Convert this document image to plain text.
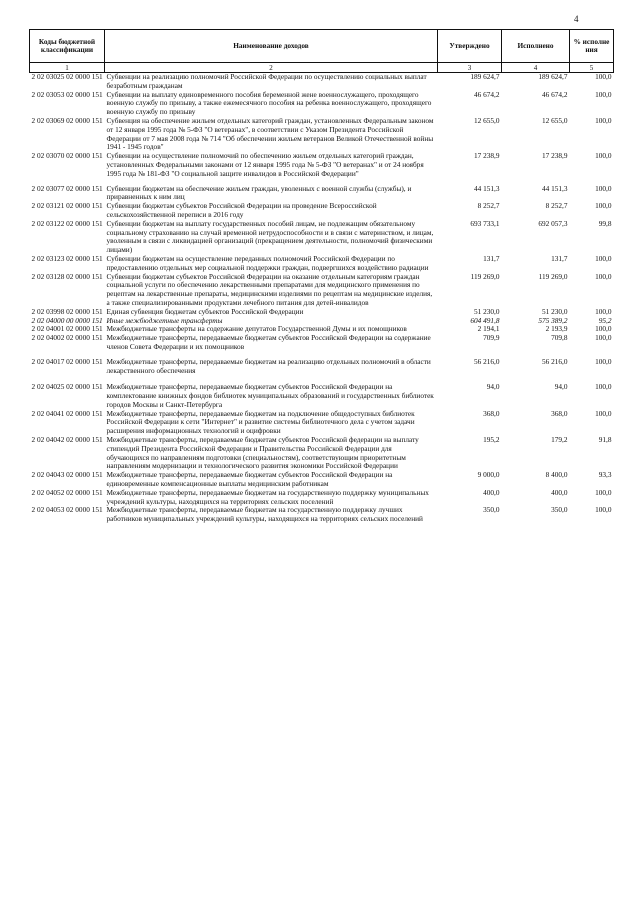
4
Коды бюджетной классификации	Наименование доходов	Утверждено	Исполнено	% исполне ния
1	2	3	4	5
2 02 03025 02 0000 151	Субвенции на реализацию полномочий Российской Федерации по осуществлению социальных выплат безработным гражданам	189 624,7	189 624,7	100,0
2 02 03053 02 0000 151	Субвенции на выплату единовременного пособия беременной жене военнослужащего, проходящего военную службу по призыву, а также ежемесячного пособия на ребенка военнослужащего, проходящего военную службу по призыву	46 674,2	46 674,2	100,0
2 02 03069 02 0000 151	Субвенция на обеспечение жильем отдельных категорий граждан, установленных Федеральным законом от 12 января 1995 года № 5-ФЗ "О ветеранах", в соответствии с Указом Президента Российской Федерации от 7 мая 2008 года № 714 "Об обеспечении жильем ветеранов Великой Отечественной войны 1941 - 1945 годов"	12 655,0	12 655,0	100,0
2 02 03070 02 0000 151	Субвенции на осуществление полномочий по обеспечению жильем отдельных категорий граждан, установленных Федеральными законами от 12 января 1995 года № 5-ФЗ "О ветеранах" и от 24 ноября 1995 года № 181-ФЗ "О социальной защите инвалидов в Российской Федерации"	17 238,9	17 238,9	100,0
2 02 03077 02 0000 151	Субвенции бюджетам на обеспечение жильем граждан, уволенных с военной службы (службы), и приравненных к ним лиц	44 151,3	44 151,3	100,0
2 02 03121 02 0000 151	Субвенции бюджетам субъектов Российской Федерации на проведение Всероссийской сельскохозяйственной переписи в 2016 году	8 252,7	8 252,7	100,0
2 02 03122 02 0000 151	Субвенции бюджетам на выплату государственных пособий лицам, не подлежащим обязательному социальному страхованию на случай временной нетрудоспособности и в связи с материнством, и лицам, уволенным в связи с ликвидацией организаций (прекращением деятельности, полномочий физическими лицами)	693 733,1	692 057,3	99,8
2 02 03123 02 0000 151	Субвенции бюджетам на осуществление переданных полномочий Российской Федерации по предоставлению отдельных мер социальной поддержки граждан, подвергшихся воздействию радиации	131,7	131,7	100,0
2 02 03128 02 0000 151	Субвенции бюджетам субъектов Российской Федерации на оказание отдельным категориям граждан социальной услуги по обеспечению лекарственными препаратами для медицинского применения по рецептам на лекарственные препараты, медицинскими изделиями по рецептам на медицинские изделия, а также специализированными продуктами лечебного питания для детей-инвалидов	119 269,0	119 269,0	100,0
2 02 03998 02 0000 151	Единая субвенция бюджетам субъектов Российской Федерации	51 230,0	51 230,0	100,0
2 02 04000 00 0000 151	Иные межбюджетные трансферты	604 491,8	575 389,2	95,2
2 02 04001 02 0000 151	Межбюджетные трансферты на содержание депутатов Государственной Думы и их помощников	2 194,1	2 193,9	100,0
2 02 04002 02 0000 151	Межбюджетные трансферты, передаваемые бюджетам субъектов Российской Федерации на содержание членов Совета Федерации и их помощников	709,9	709,8	100,0
2 02 04017 02 0000 151	Межбюджетные трансферты, передаваемые бюджетам на реализацию отдельных полномочий в области лекарственного обеспечения	56 216,0	56 216,0	100,0
2 02 04025 02 0000 151	Межбюджетные трансферты, передаваемые бюджетам субъектов Российской Федерации на комплектование книжных фондов библиотек муниципальных образований и государственных библиотек городов Москвы и Санкт-Петербурга	94,0	94,0	100,0
2 02 04041 02 0000 151	Межбюджетные трансферты, передаваемые бюджетам на подключение общедоступных библиотек Российской Федерации к сети "Интернет" и развитие системы библиотечного дела с учетом задачи расширения информационных технологий и оцифровки	368,0	368,0	100,0
2 02 04042 02 0000 151	Межбюджетные трансферты, передаваемые бюджетам субъектов Российской федерации на выплату стипендий Президента Российской Федерации и Правительства Российской Федерации для обучающихся по направлениям подготовки (специальностям), соответствующим приоритетным направлениям модернизации и технологического развития экономики Российской Федерации	195,2	179,2	91,8
2 02 04043 02 0000 151	Межбюджетные трансферты, передаваемые бюджетам субъектов Российской Федерации на единовременные компенсационные выплаты медицинским работникам	9 000,0	8 400,0	93,3
2 02 04052 02 0000 151	Межбюджетные трансферты, передаваемые бюджетам на государственную поддержку муниципальных учреждений культуры, находящихся на территориях сельских поселений	400,0	400,0	100,0
2 02 04053 02 0000 151	Межбюджетные трансферты, передаваемые бюджетам на государственную поддержку лучших работников муниципальных учреждений культуры, находящихся на территориях сельских поселений	350,0	350,0	100,0
